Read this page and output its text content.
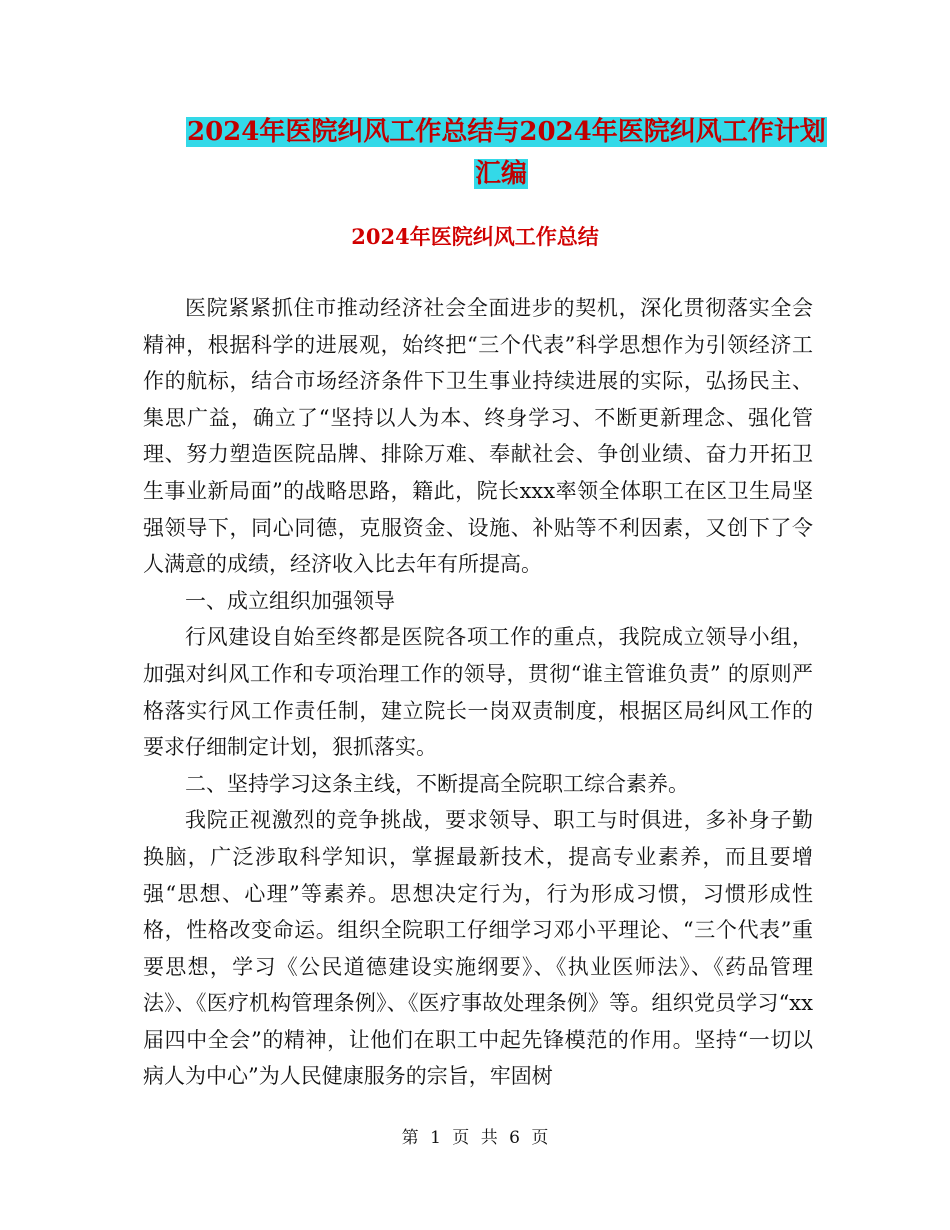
2024年医院纠风工作总结与2024年医院纠风工作计划
汇编
2024年医院纠风工作总结

医院紧紧抓住市推动经济社会全面进步的契机，深化贯彻落实全会精神，根据科学的进展观，始终把“三个代表”科学思想作为引领经济工作的航标，结合市场经济条件下卫生事业持续进展的实际，弘扬民主、集思广益，确立了“坚持以人为本、终身学习、不断更新理念、强化管理、努力塑造医院品牌、排除万难、奉献社会、争创业绩、奋力开拓卫生事业新局面”的战略思路，籍此，院长xxx率领全体职工在区卫生局坚强领导下，同心同德，克服资金、设施、补贴等不利因素，又创下了令人满意的成绩，经济收入比去年有所提高。

一、成立组织加强领导

行风建设自始至终都是医院各项工作的重点，我院成立领导小组，加强对纠风工作和专项治理工作的领导，贯彻“谁主管谁负责” 的原则严格落实行风工作责任制，建立院长一岗双责制度，根据区局纠风工作的要求仔细制定计划，狠抓落实。

二、坚持学习这条主线，不断提高全院职工综合素养。

我院正视激烈的竞争挑战，要求领导、职工与时俱进，多补身子勤换脑，广泛涉取科学知识，掌握最新技术，提高专业素养，而且要增强“思想、心理”等素养。思想决定行为，行为形成习惯，习惯形成性格，性格改变命运。组织全院职工仔细学习邓小平理论、“三个代表”重要思想，学习《公民道德建设实施纲要》、《执业医师法》、《药品管理法》、《医疗机构管理条例》、《医疗事故处理条例》等。组织党员学习“xx届四中全会”的精神，让他们在职工中起先锋模范的作用。坚持“一切以病人为中心”为人民健康服务的宗旨，牢固树

第 1 页 共 6 页
